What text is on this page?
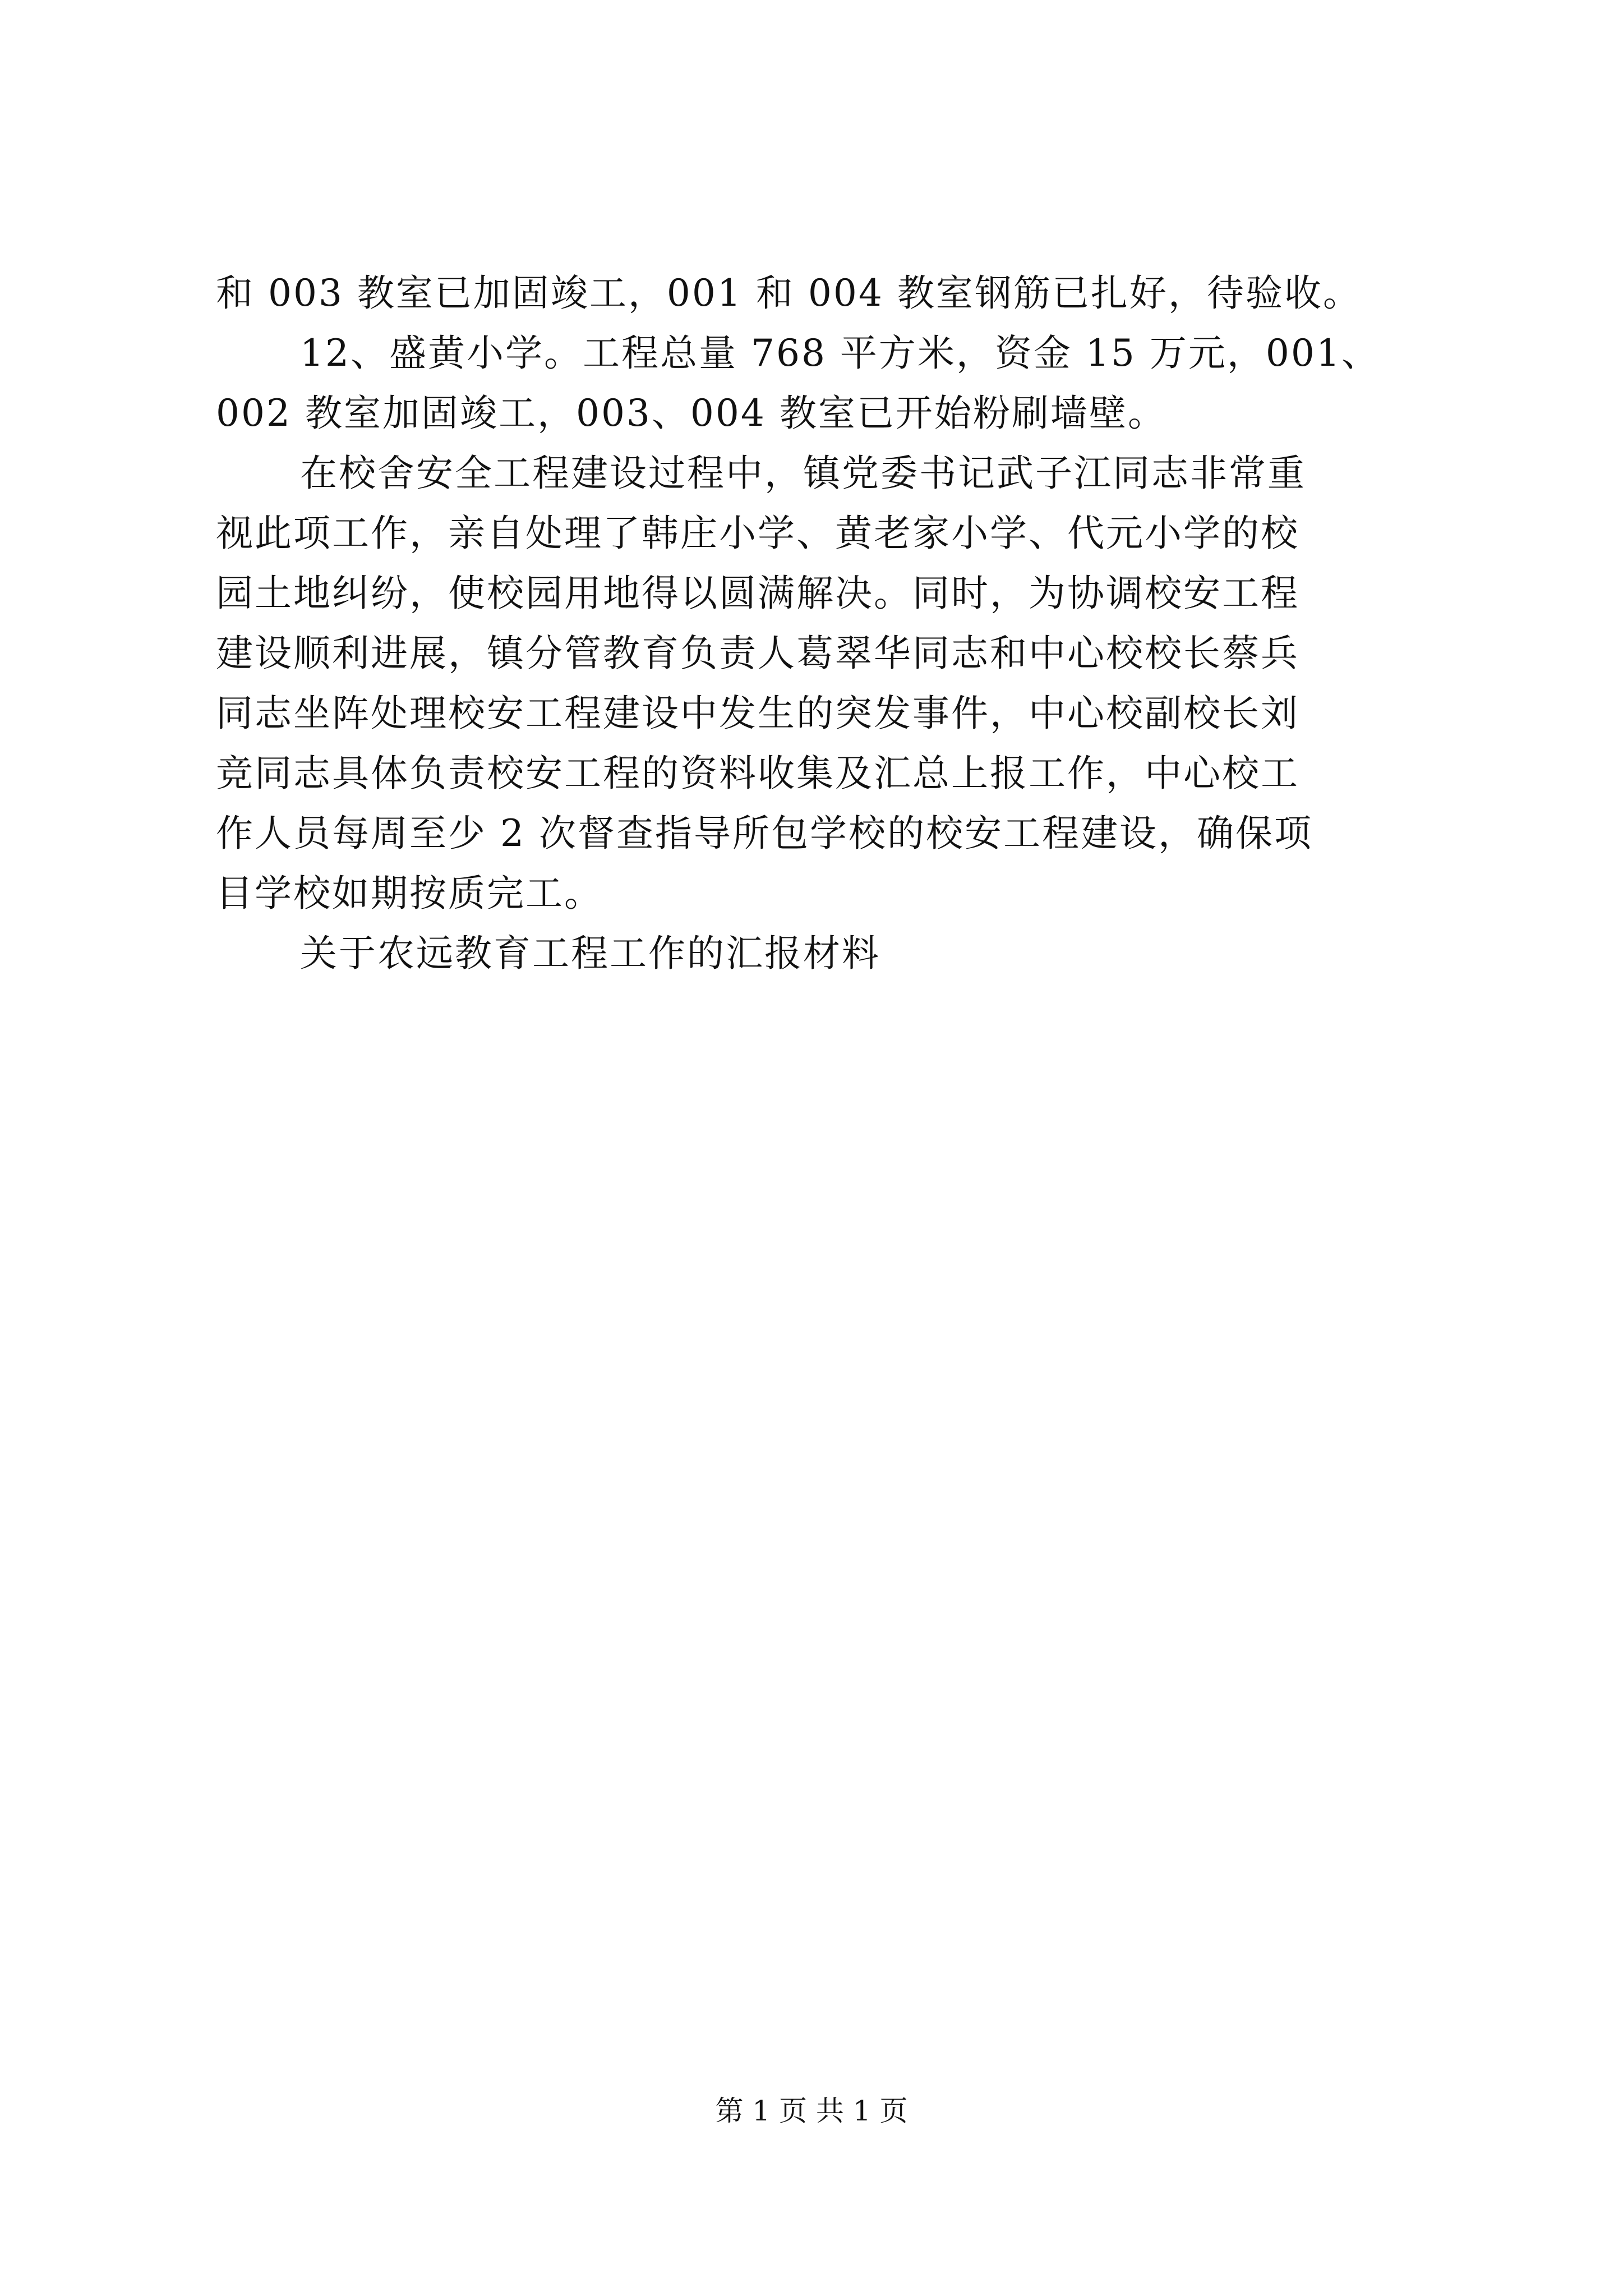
和 003 教室已加固竣工，001 和 004 教室钢筋已扎好，待验收。

12、盛黄小学。工程总量 768 平方米，资金 15 万元，001、

002 教室加固竣工，003、004 教室已开始粉刷墙壁。

在校舍安全工程建设过程中，镇党委书记武子江同志非常重

视此项工作，亲自处理了韩庄小学、黄老家小学、代元小学的校

园土地纠纷，使校园用地得以圆满解决。同时，为协调校安工程

建设顺利进展，镇分管教育负责人葛翠华同志和中心校校长蔡兵

同志坐阵处理校安工程建设中发生的突发事件，中心校副校长刘

竞同志具体负责校安工程的资料收集及汇总上报工作，中心校工

作人员每周至少 2 次督查指导所包学校的校安工程建设，确保项

目学校如期按质完工。

关于农远教育工程工作的汇报材料

第 1 页 共 1 页
